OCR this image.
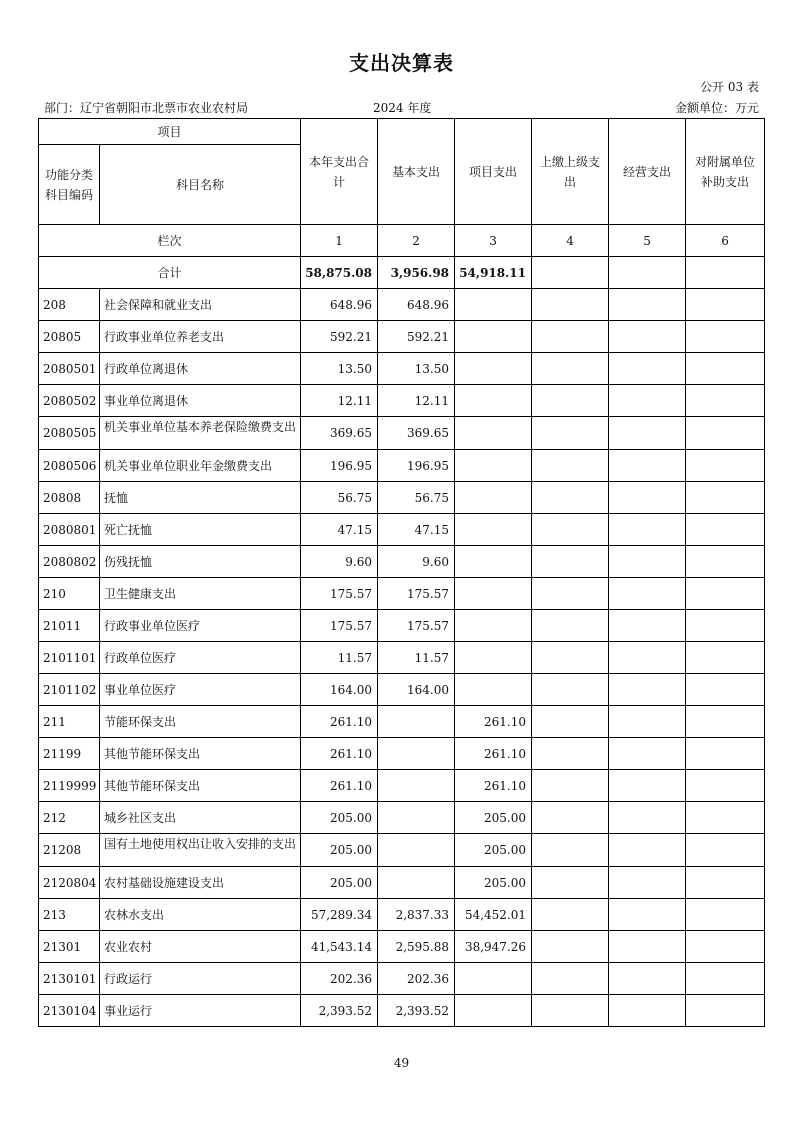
支出决算表
公开 03 表
部门：辽宁省朝阳市北票市农业农村局	2024 年度	金额单位：万元
项目		本年支出合计	基本支出	项目支出	上缴上级支出	经营支出	对附属单位补助支出
功能分类科目编码	科目名称						
栏次		1	2	3	4	5	6
合计		58,875.08	3,956.98	54,918.11			
208	社会保障和就业支出	648.96	648.96				
20805	行政事业单位养老支出	592.21	592.21				
2080501	行政单位离退休	13.50	13.50				
2080502	事业单位离退休	12.11	12.11				
2080505	机关事业单位基本养老保险缴费支出	369.65	369.65				
2080506	机关事业单位职业年金缴费支出	196.95	196.95				
20808	抚恤	56.75	56.75				
2080801	死亡抚恤	47.15	47.15				
2080802	伤残抚恤	9.60	9.60				
210	卫生健康支出	175.57	175.57				
21011	行政事业单位医疗	175.57	175.57				
2101101	行政单位医疗	11.57	11.57				
2101102	事业单位医疗	164.00	164.00				
211	节能环保支出	261.10		261.10			
21199	其他节能环保支出	261.10		261.10			
2119999	其他节能环保支出	261.10		261.10			
212	城乡社区支出	205.00		205.00			
21208	国有土地使用权出让收入安排的支出	205.00		205.00			
2120804	农村基础设施建设支出	205.00		205.00			
213	农林水支出	57,289.34	2,837.33	54,452.01			
21301	农业农村	41,543.14	2,595.88	38,947.26			
2130101	行政运行	202.36	202.36				
2130104	事业运行	2,393.52	2,393.52				
49
